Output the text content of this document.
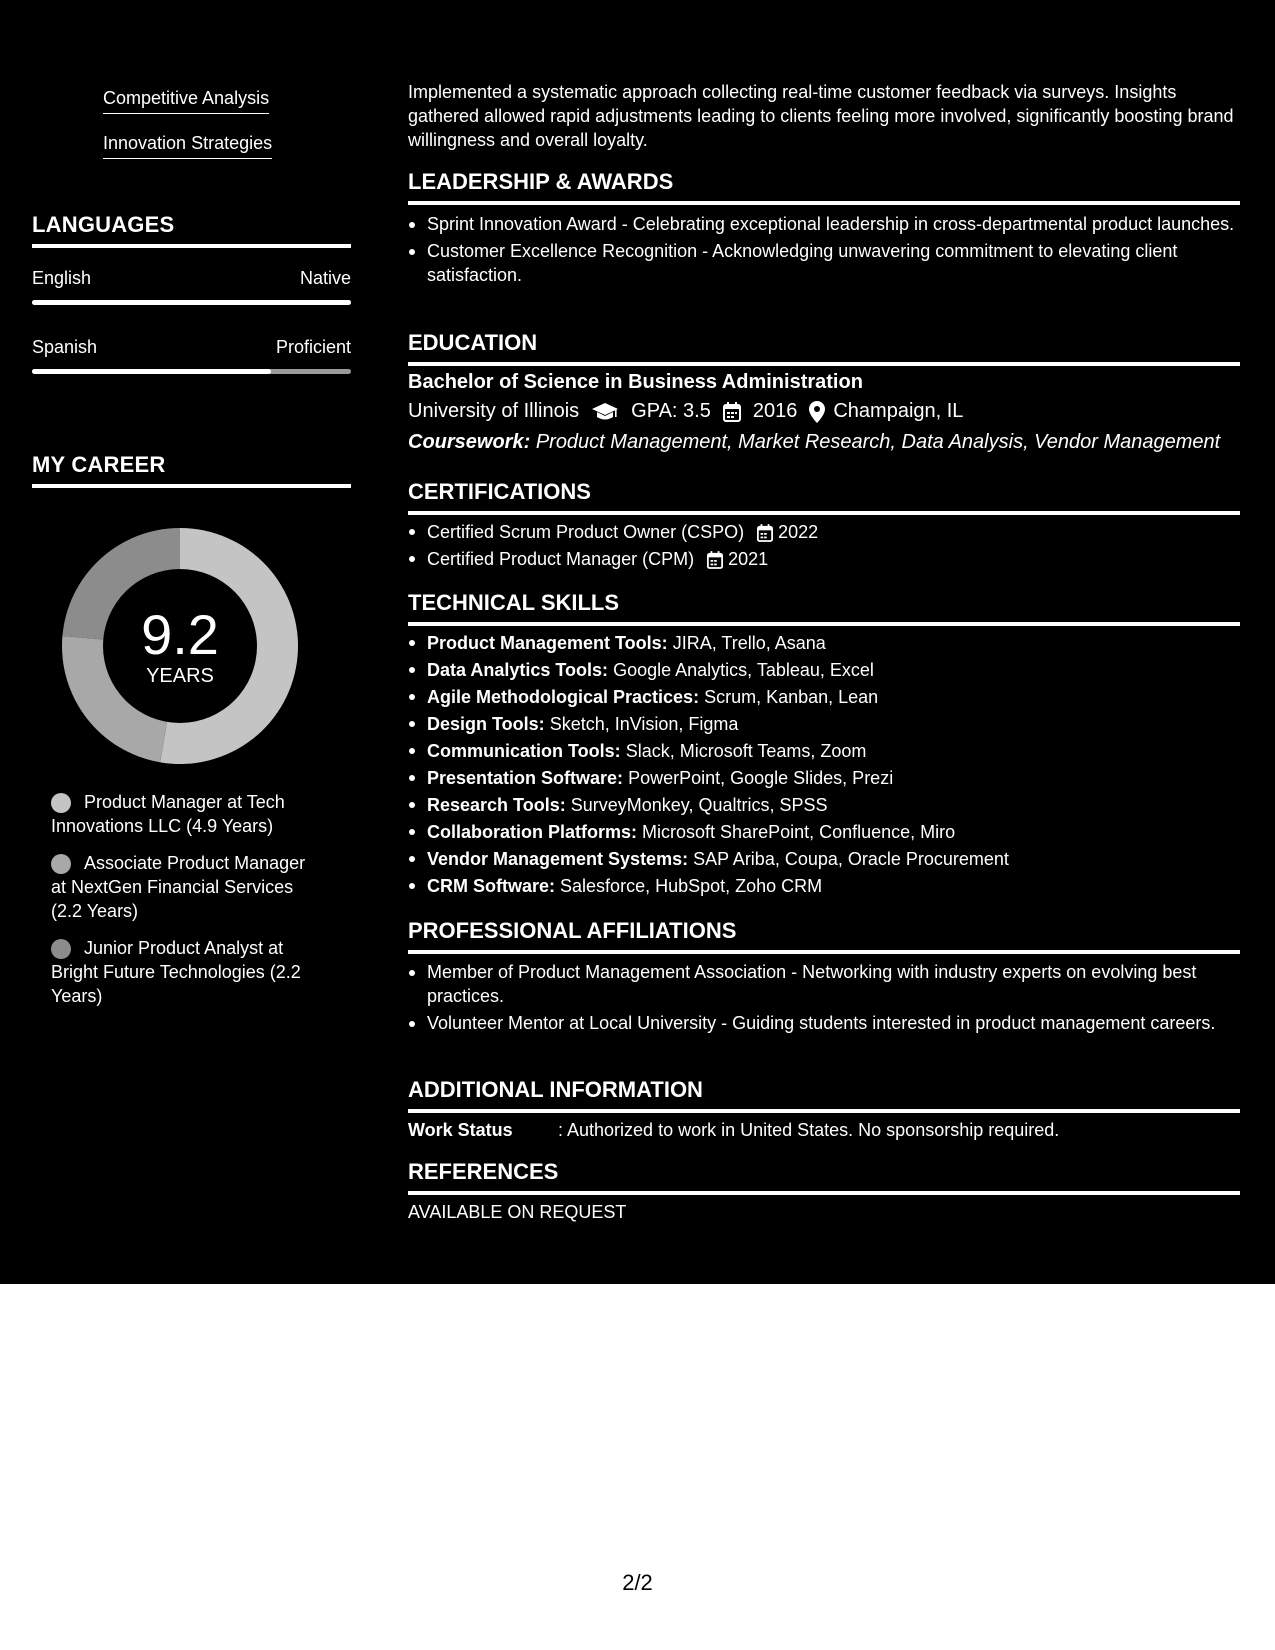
Competitive Analysis
Innovation Strategies
LANGUAGES
English	Native
Spanish	Proficient
MY CAREER
9.2
YEARS
Product Manager at Tech Innovations LLC (4.9 Years)
Associate Product Manager at NextGen Financial Services (2.2 Years)
Junior Product Analyst at Bright Future Technologies (2.2 Years)

Implemented a systematic approach collecting real-time customer feedback via surveys. Insights gathered allowed rapid adjustments leading to clients feeling more involved, significantly boosting brand willingness and overall loyalty.

LEADERSHIP & AWARDS
Sprint Innovation Award - Celebrating exceptional leadership in cross-departmental product launches.
Customer Excellence Recognition - Acknowledging unwavering commitment to elevating client satisfaction.
EDUCATION
Bachelor of Science in Business Administration
University of Illinois	GPA: 3.5 2016 Champaign, IL
Coursework: Product Management, Market Research, Data Analysis, Vendor Management
CERTIFICATIONS
Certified Scrum Product Owner (CSPO) 2022
Certified Product Manager (CPM) 2021
TECHNICAL SKILLS
Product Management Tools: JIRA, Trello, Asana
Data Analytics Tools: Google Analytics, Tableau, Excel
Agile Methodological Practices: Scrum, Kanban, Lean
Design Tools: Sketch, InVision, Figma
Communication Tools: Slack, Microsoft Teams, Zoom
Presentation Software: PowerPoint, Google Slides, Prezi
Research Tools: SurveyMonkey, Qualtrics, SPSS
Collaboration Platforms: Microsoft SharePoint, Confluence, Miro
Vendor Management Systems: SAP Ariba, Coupa, Oracle Procurement
CRM Software: Salesforce, HubSpot, Zoho CRM
PROFESSIONAL AFFILIATIONS
Member of Product Management Association - Networking with industry experts on evolving best practices.
Volunteer Mentor at Local University - Guiding students interested in product management careers.
ADDITIONAL INFORMATION
Work Status	: Authorized to work in United States. No sponsorship required.
REFERENCES
AVAILABLE ON REQUEST
2/2
